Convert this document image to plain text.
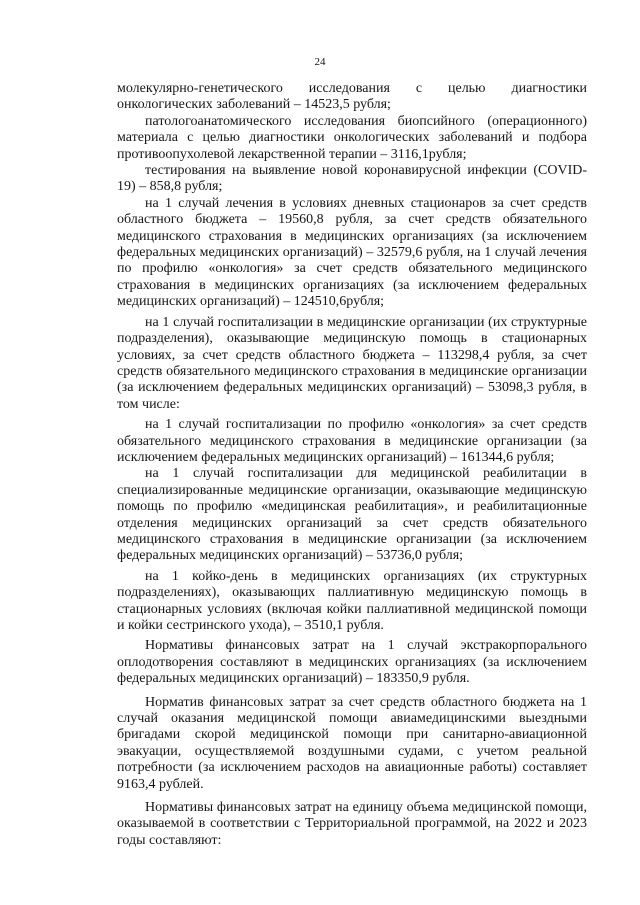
24

молекулярно-генетического исследования с целью диагностики онкологических заболеваний – 14523,5 рубля;

патологоанатомического исследования биопсийного (операционного) материала с целью диагностики онкологических заболеваний и подбора противоопухолевой лекарственной терапии – 3116,1рубля;

тестирования на выявление новой коронавирусной инфекции (COVID-19) – 858,8 рубля;

на 1 случай лечения в условиях дневных стационаров за счет средств областного бюджета – 19560,8 рубля, за счет средств обязательного медицинского страхования в медицинских организациях (за исключением федеральных медицинских организаций) – 32579,6 рубля, на 1 случай лечения по профилю «онкология» за счет средств обязательного медицинского страхования в медицинских организациях (за исключением федеральных медицинских организаций) – 124510,6рубля;

на 1 случай госпитализации в медицинские организации (их структурные подразделения), оказывающие медицинскую помощь в стационарных условиях, за счет средств областного бюджета – 113298,4 рубля, за счет средств обязательного медицинского страхования в медицинские организации (за исключением федеральных медицинских организаций) – 53098,3 рубля, в том числе:

на 1 случай госпитализации по профилю «онкология» за счет средств обязательного медицинского страхования в медицинские организации (за исключением федеральных медицинских организаций) – 161344,6 рубля;

на 1 случай госпитализации для медицинской реабилитации в специализированные медицинские организации, оказывающие медицинскую помощь по профилю «медицинская реабилитация», и реабилитационные отделения медицинских организаций за счет средств обязательного медицинского страхования в медицинские организации (за исключением федеральных медицинских организаций) – 53736,0 рубля;

на 1 койко-день в медицинских организациях (их структурных подразделениях), оказывающих паллиативную медицинскую помощь в стационарных условиях (включая койки паллиативной медицинской помощи и койки сестринского ухода), – 3510,1 рубля.

Нормативы финансовых затрат на 1 случай экстракорпорального оплодотворения составляют в медицинских организациях (за исключением федеральных медицинских организаций) – 183350,9 рубля.

Норматив финансовых затрат за счет средств областного бюджета на 1 случай оказания медицинской помощи авиамедицинскими выездными бригадами скорой медицинской помощи при санитарно-авиационной эвакуации, осуществляемой воздушными судами, с учетом реальной потребности (за исключением расходов на авиационные работы) составляет 9163,4 рублей.

Нормативы финансовых затрат на единицу объема медицинской помощи, оказываемой в соответствии с Территориальной программой, на 2022 и 2023 годы составляют:
